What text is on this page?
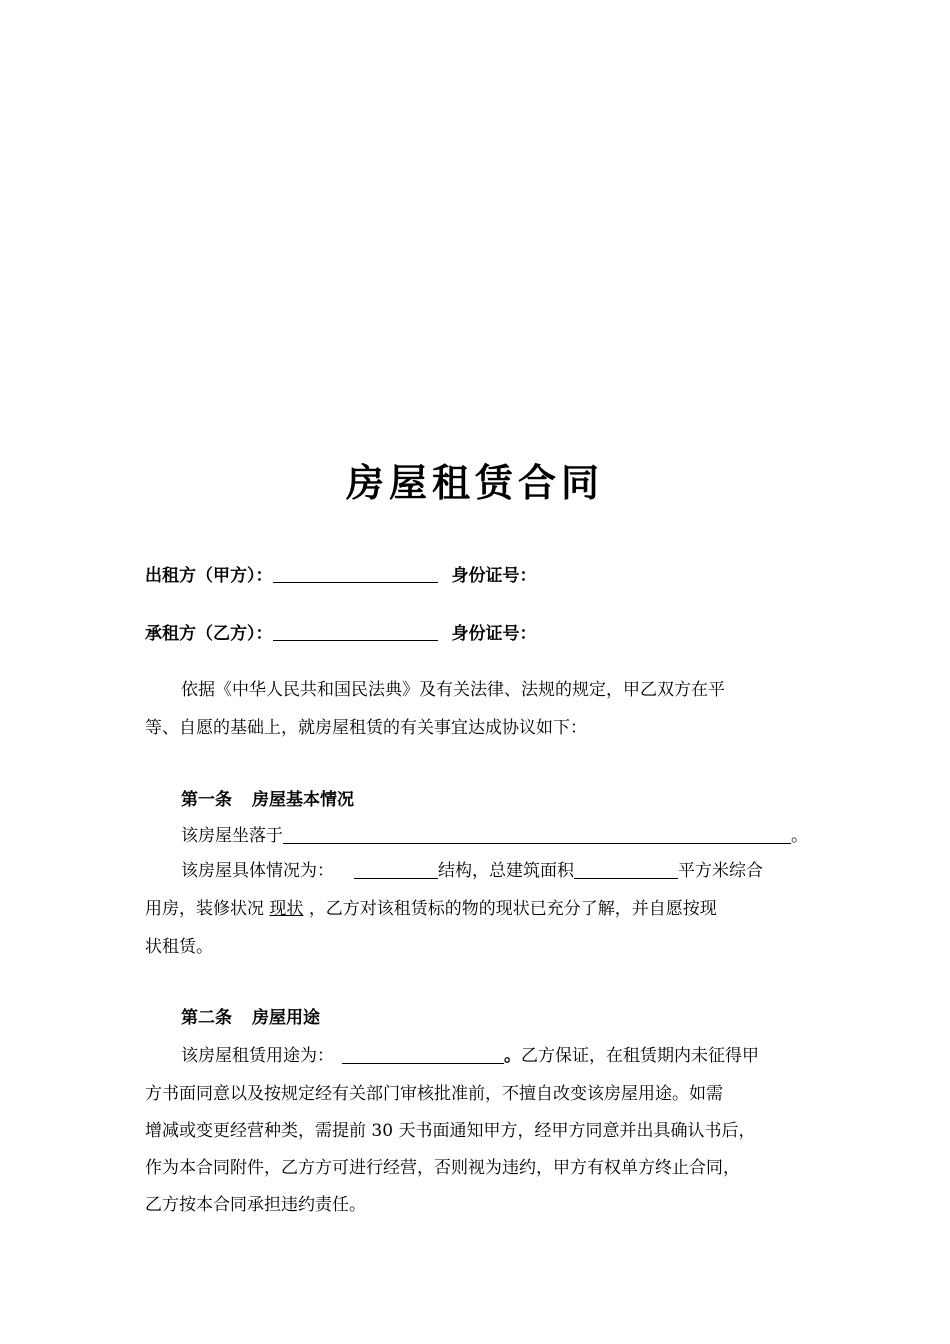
房屋租赁合同
出租方（甲方）：	身份证号：
承租方（乙方）：	身份证号：
依据《中华人民共和国民法典》及有关法律、法规的规定，甲乙双方在平
等、自愿的基础上，就房屋租赁的有关事宜达成协议如下：
第一条 房屋基本情况
该房屋坐落于	。
该房屋具体情况为：	结构，总建筑面积	平方米综合
用房，装修状况 现状 ，乙方对该租赁标的物的现状已充分了解，并自愿按现
状租赁。
第二条 房屋用途
该房屋租赁用途为：	。乙方保证，在租赁期内未征得甲
方书面同意以及按规定经有关部门审核批准前，不擅自改变该房屋用途。如需
增减或变更经营种类，需提前 30 天书面通知甲方，经甲方同意并出具确认书后，
作为本合同附件，乙方方可进行经营，否则视为违约，甲方有权单方终止合同，
乙方按本合同承担违约责任。
